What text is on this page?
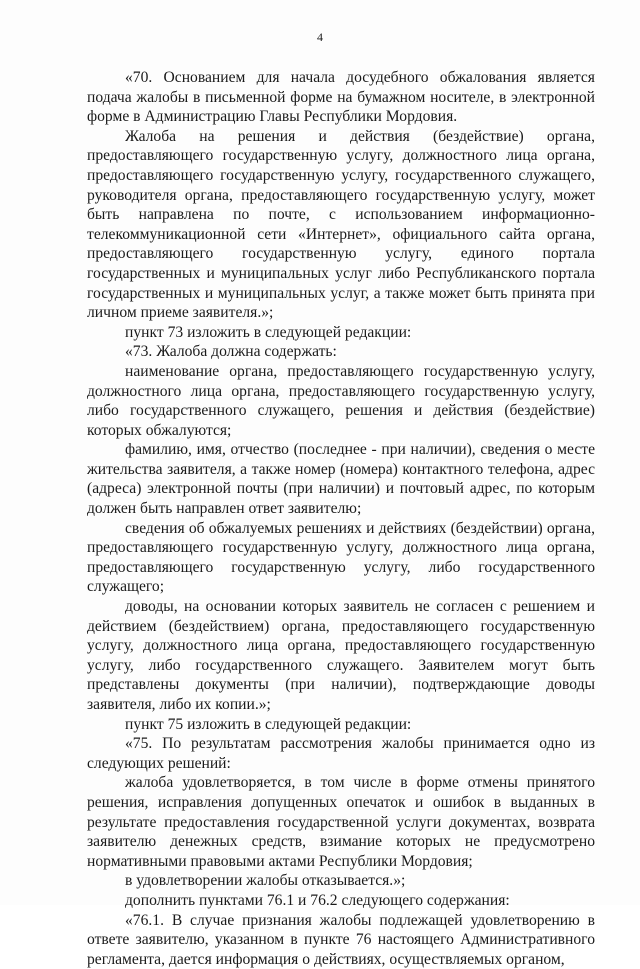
4

«70. Основанием для начала досудебного обжалования является подача жалобы в письменной форме на бумажном носителе, в электронной форме в Администрацию Главы Республики Мордовия.

Жалоба на решения и действия (бездействие) органа, предоставляющего государственную услугу, должностного лица органа, предоставляющего государственную услугу, государственного служащего, руководителя органа, предоставляющего государственную услугу, может быть направлена по почте, с использованием информационно-телекоммуникационной сети «Интернет», официального сайта органа, предоставляющего государственную услугу, единого портала государственных и муниципальных услуг либо Республиканского портала государственных и муниципальных услуг, а также может быть принята при личном приеме заявителя.»;

пункт 73 изложить в следующей редакции:

«73. Жалоба должна содержать:

наименование органа, предоставляющего государственную услугу, должностного лица органа, предоставляющего государственную услугу, либо государственного служащего, решения и действия (бездействие) которых обжалуются;

фамилию, имя, отчество (последнее - при наличии), сведения о месте жительства заявителя, а также номер (номера) контактного телефона, адрес (адреса) электронной почты (при наличии) и почтовый адрес, по которым должен быть направлен ответ заявителю;

сведения об обжалуемых решениях и действиях (бездействии) органа, предоставляющего государственную услугу, должностного лица органа, предоставляющего государственную услугу, либо государственного служащего;

доводы, на основании которых заявитель не согласен с решением и действием (бездействием) органа, предоставляющего государственную услугу, должностного лица органа, предоставляющего государственную услугу, либо государственного служащего. Заявителем могут быть представлены документы (при наличии), подтверждающие доводы заявителя, либо их копии.»;

пункт 75 изложить в следующей редакции:

«75. По результатам рассмотрения жалобы принимается одно из следующих решений:

жалоба удовлетворяется, в том числе в форме отмены принятого решения, исправления допущенных опечаток и ошибок в выданных в результате предоставления государственной услуги документах, возврата заявителю денежных средств, взимание которых не предусмотрено нормативными правовыми актами Республики Мордовия;

в удовлетворении жалобы отказывается.»;

дополнить пунктами 76.1 и 76.2 следующего содержания:

«76.1. В случае признания жалобы подлежащей удовлетворению в ответе заявителю, указанном в пункте 76 настоящего Административного регламента, дается информация о действиях, осуществляемых органом,
